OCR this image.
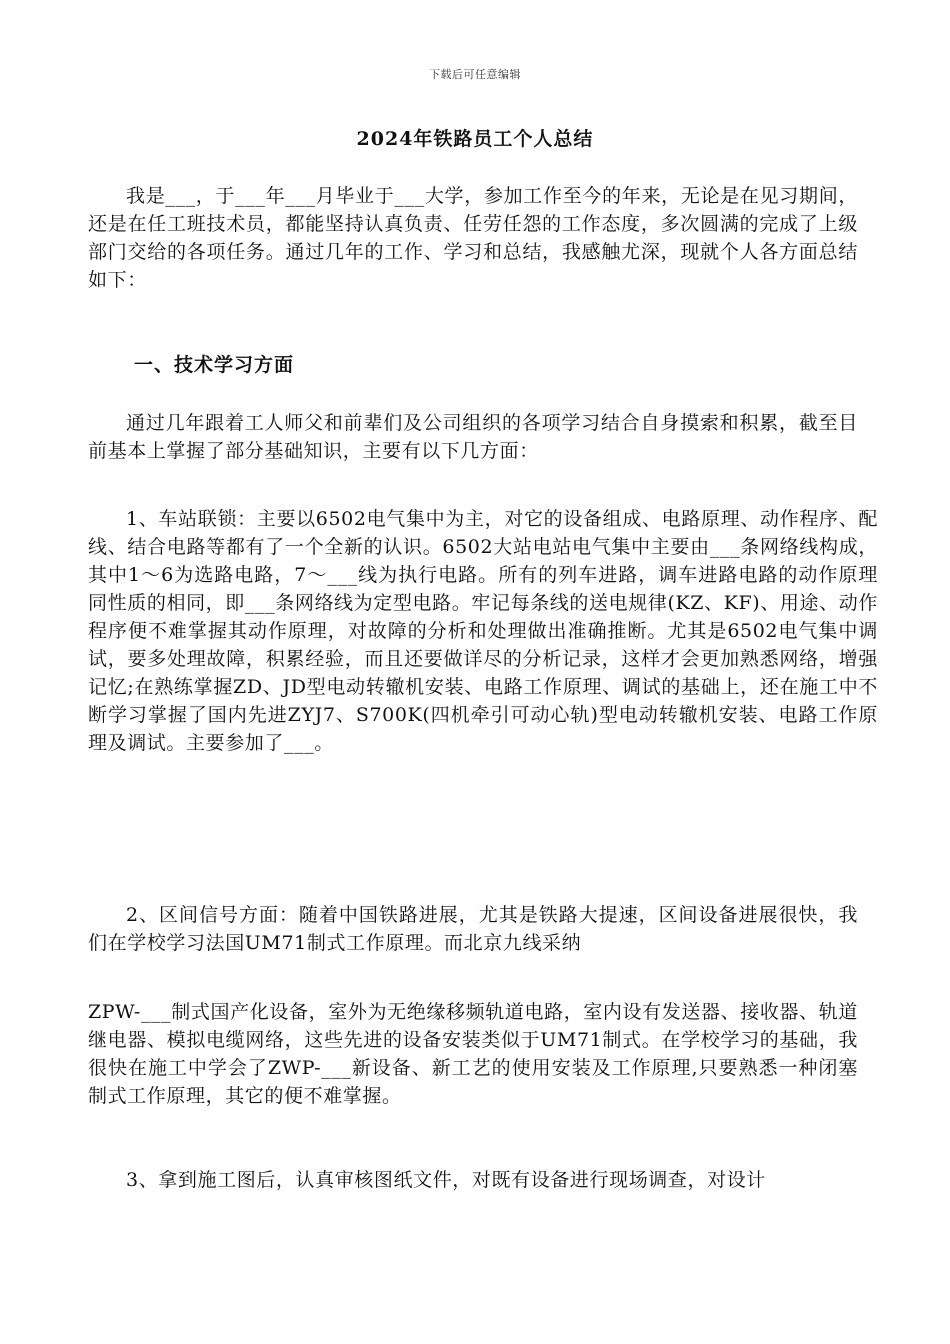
下载后可任意编辑
2024年铁路员工个人总结

我是___，于___年___月毕业于___大学，参加工作至今的年来，无论是在见习期间，还是在任工班技术员，都能坚持认真负责、任劳任怨的工作态度，多次圆满的完成了上级部门交给的各项任务。通过几年的工作、学习和总结，我感触尤深，现就个人各方面总结如下：

一、技术学习方面

通过几年跟着工人师父和前辈们及公司组织的各项学习结合自身摸索和积累，截至目前基本上掌握了部分基础知识，主要有以下几方面：

1、车站联锁：主要以6502电气集中为主，对它的设备组成、电路原理、动作程序、配线、结合电路等都有了一个全新的认识。6502大站电站电气集中主要由___条网络线构成，其中1～6为选路电路，7～___线为执行电路。所有的列车进路，调车进路电路的动作原理同性质的相同，即___条网络线为定型电路。牢记每条线的送电规律(KZ、KF)、用途、动作程序便不难掌握其动作原理，对故障的分析和处理做出准确推断。尤其是6502电气集中调试，要多处理故障，积累经验，而且还要做详尽的分析记录，这样才会更加熟悉网络，增强记忆;在熟练掌握ZD、JD型电动转辙机安装、电路工作原理、调试的基础上，还在施工中不断学习掌握了国内先进ZYJ7、S700K(四机牵引可动心轨)型电动转辙机安装、电路工作原理及调试。主要参加了___。

2、区间信号方面：随着中国铁路进展，尤其是铁路大提速，区间设备进展很快，我们在学校学习法国UM71制式工作原理。而北京九线采纳

ZPW-___制式国产化设备，室外为无绝缘移频轨道电路，室内设有发送器、接收器、轨道继电器、模拟电缆网络，这些先进的设备安装类似于UM71制式。在学校学习的基础，我很快在施工中学会了ZWP-___新设备、新工艺的使用安装及工作原理,只要熟悉一种闭塞制式工作原理，其它的便不难掌握。

3、拿到施工图后，认真审核图纸文件，对既有设备进行现场调查，对设计
